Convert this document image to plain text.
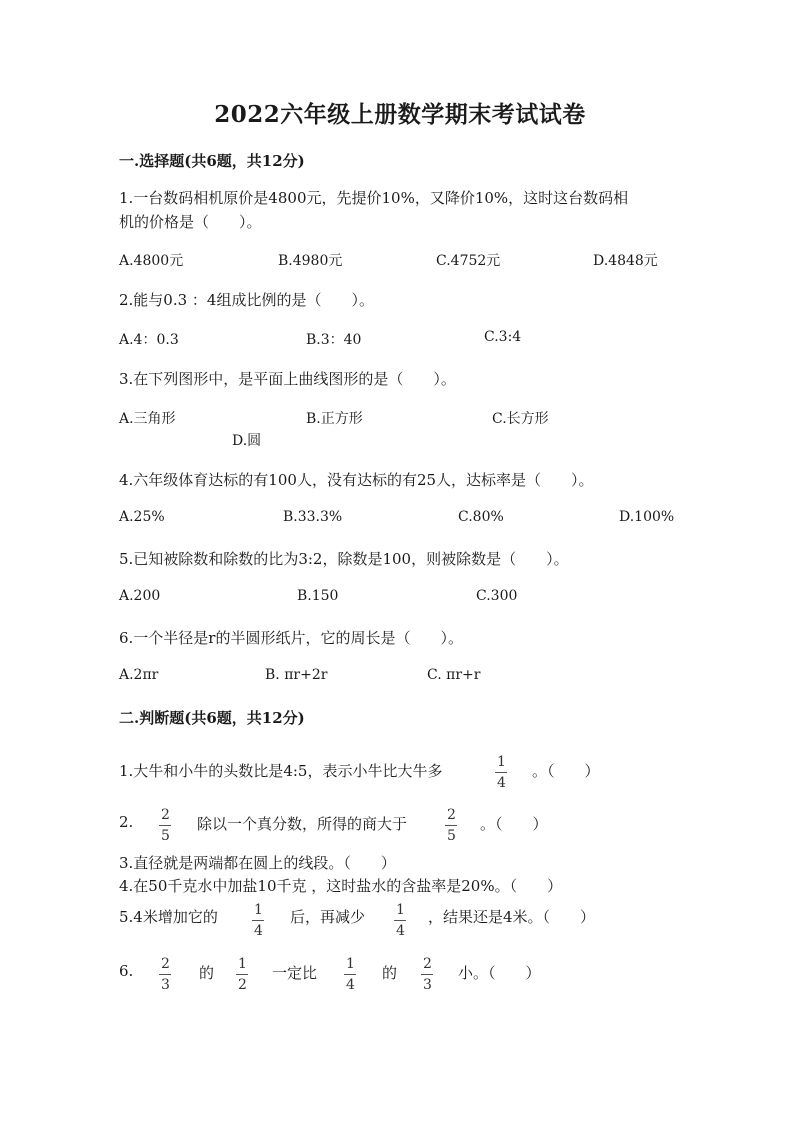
2022六年级上册数学期末考试试卷
一.选择题(共6题，共12分)
1.一台数码相机原价是4800元，先提价10%，又降价10%，这时这台数码相
机的价格是（　　）。
A.4800元	B.4980元	C.4752元	D.4848元
2.能与0.3 ：4组成比例的是（　　）。
A.4：0.3	B.3：40	C.3:4
3.在下列图形中，是平面上曲线图形的是（　　）。
A.三角形	B.正方形	C.长方形
D.圆
4.六年级体育达标的有100人，没有达标的有25人，达标率是（　　）。
A.25%	B.33.3%	C.80%	D.100%
5.已知被除数和除数的比为3:2，除数是100，则被除数是（　　）。
A.200	B.150	C.300
6.一个半径是r的半圆形纸片，它的周长是（　　）。
A.2πr	B. πr+2r	C. πr+r
二.判断题(共6题，共12分)
1.大牛和小牛的头数比是4:5，表示小牛比大牛多	1
4
。（　　）
2. 2
5
除以一个真分数，所得的商大于	2
5
。（　　）
3.直径就是两端都在圆上的线段。（　　）
4.在50千克水中加盐10千克 ，这时盐水的含盐率是20%。（　　）
5.4米增加它的	1
4
后，再减少 1
4
，结果还是4米。（　　）
6. 2
3
的 1
2
一定比 1
4
的 2
3
小。（　　）
